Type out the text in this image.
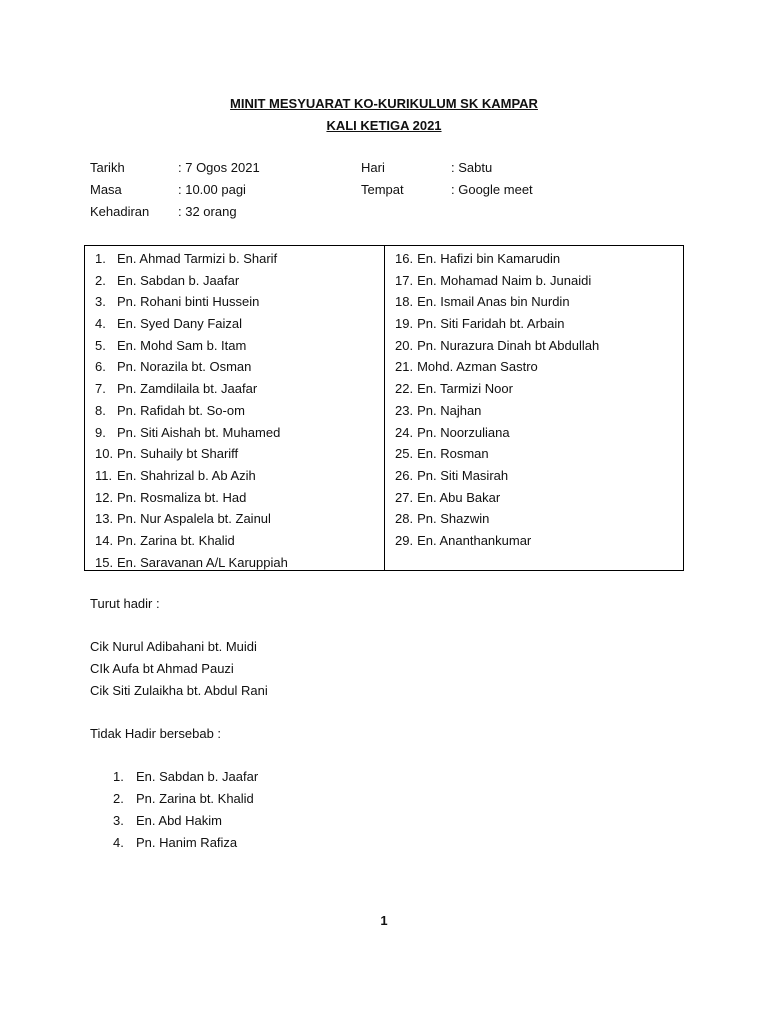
MINIT MESYUARAT KO-KURIKULUM SK KAMPAR
KALI KETIGA 2021
Tarikh	: 7 Ogos 2021	Hari	: Sabtu
Masa	: 10.00 pagi	Tempat	: Google meet
Kehadiran : 32 orang
1. En. Ahmad Tarmizi b. Sharif
2. En. Sabdan b. Jaafar
3. Pn. Rohani binti Hussein
4. En. Syed Dany Faizal
5. En. Mohd Sam b. Itam
6. Pn. Norazila bt. Osman
7. Pn. Zamdilaila bt. Jaafar
8. Pn. Rafidah bt. So-om
9. Pn. Siti Aishah bt. Muhamed
10. Pn. Suhaily bt Shariff
11. En. Shahrizal b. Ab Azih
12. Pn. Rosmaliza bt. Had
13. Pn. Nur Aspalela bt. Zainul
14. Pn. Zarina bt. Khalid
15. En. Saravanan A/L Karuppiah
16. En. Hafizi bin Kamarudin
17. En. Mohamad Naim b. Junaidi
18. En. Ismail Anas bin Nurdin
19. Pn. Siti Faridah bt. Arbain
20. Pn. Nurazura Dinah bt Abdullah
21. Mohd. Azman Sastro
22. En. Tarmizi Noor
23. Pn. Najhan
24. Pn. Noorzuliana
25. En. Rosman
26. Pn. Siti Masirah
27. En. Abu Bakar
28. Pn. Shazwin
29. En. Ananthankumar
Turut hadir :
Cik Nurul Adibahani bt. Muidi
CIk Aufa bt Ahmad Pauzi
Cik Siti Zulaikha bt. Abdul Rani
Tidak Hadir bersebab :
1. En. Sabdan b. Jaafar
2. Pn. Zarina bt. Khalid
3. En. Abd Hakim
4. Pn. Hanim Rafiza
1
